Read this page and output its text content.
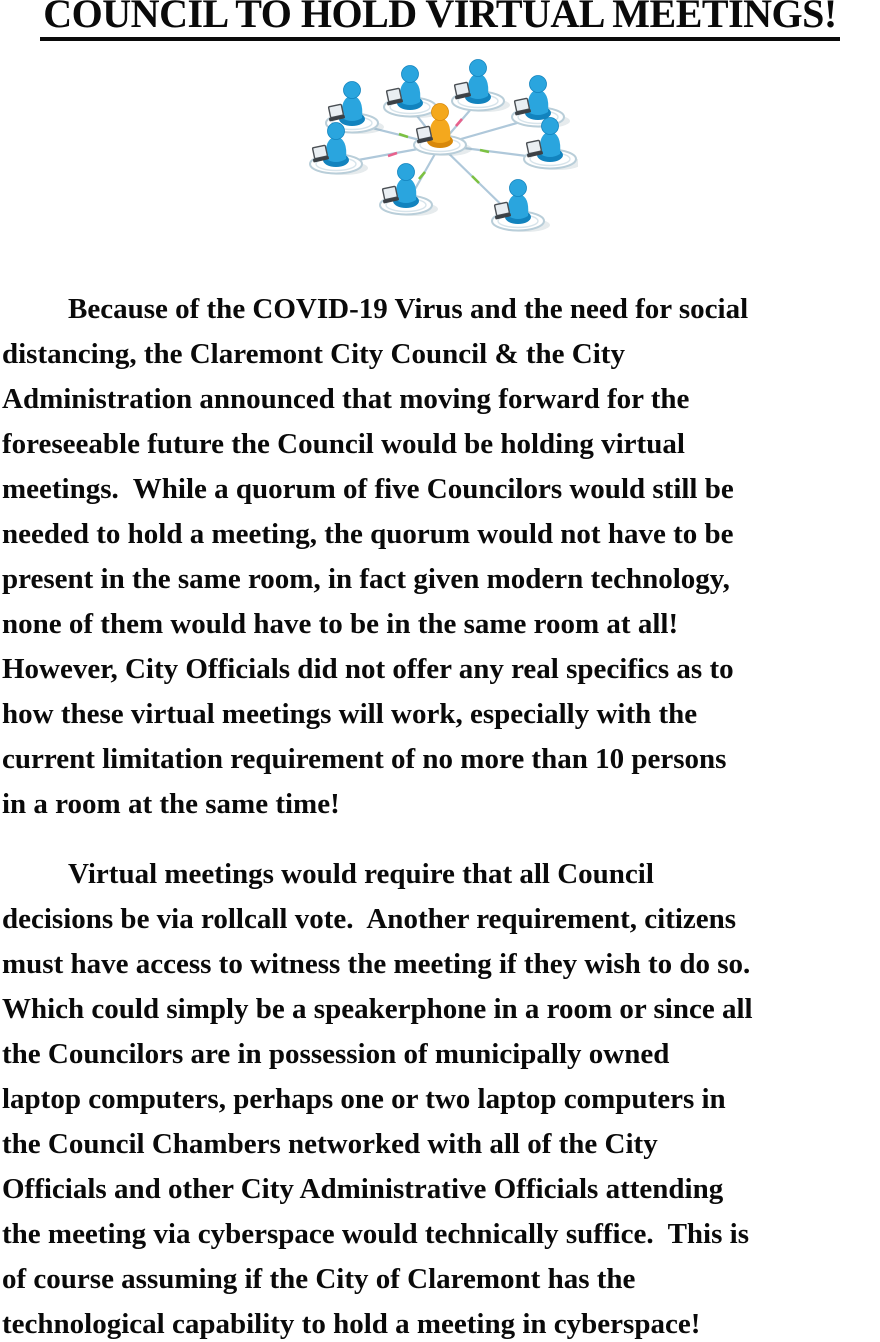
COUNCIL TO HOLD VIRTUAL MEETINGS!
Because of the COVID-19 Virus and the need for social
distancing, the Claremont City Council & the City
Administration announced that moving forward for the
foreseeable future the Council would be holding virtual
meetings.  While a quorum of five Councilors would still be
needed to hold a meeting, the quorum would not have to be
present in the same room, in fact given modern technology,
none of them would have to be in the same room at all!
However, City Officials did not offer any real specifics as to
how these virtual meetings will work, especially with the
current limitation requirement of no more than 10 persons
in a room at the same time!
Virtual meetings would require that all Council
decisions be via rollcall vote.  Another requirement, citizens
must have access to witness the meeting if they wish to do so.
Which could simply be a speakerphone in a room or since all
the Councilors are in possession of municipally owned
laptop computers, perhaps one or two laptop computers in
the Council Chambers networked with all of the City
Officials and other City Administrative Officials attending
the meeting via cyberspace would technically suffice.  This is
of course assuming if the City of Claremont has the
technological capability to hold a meeting in cyberspace!
